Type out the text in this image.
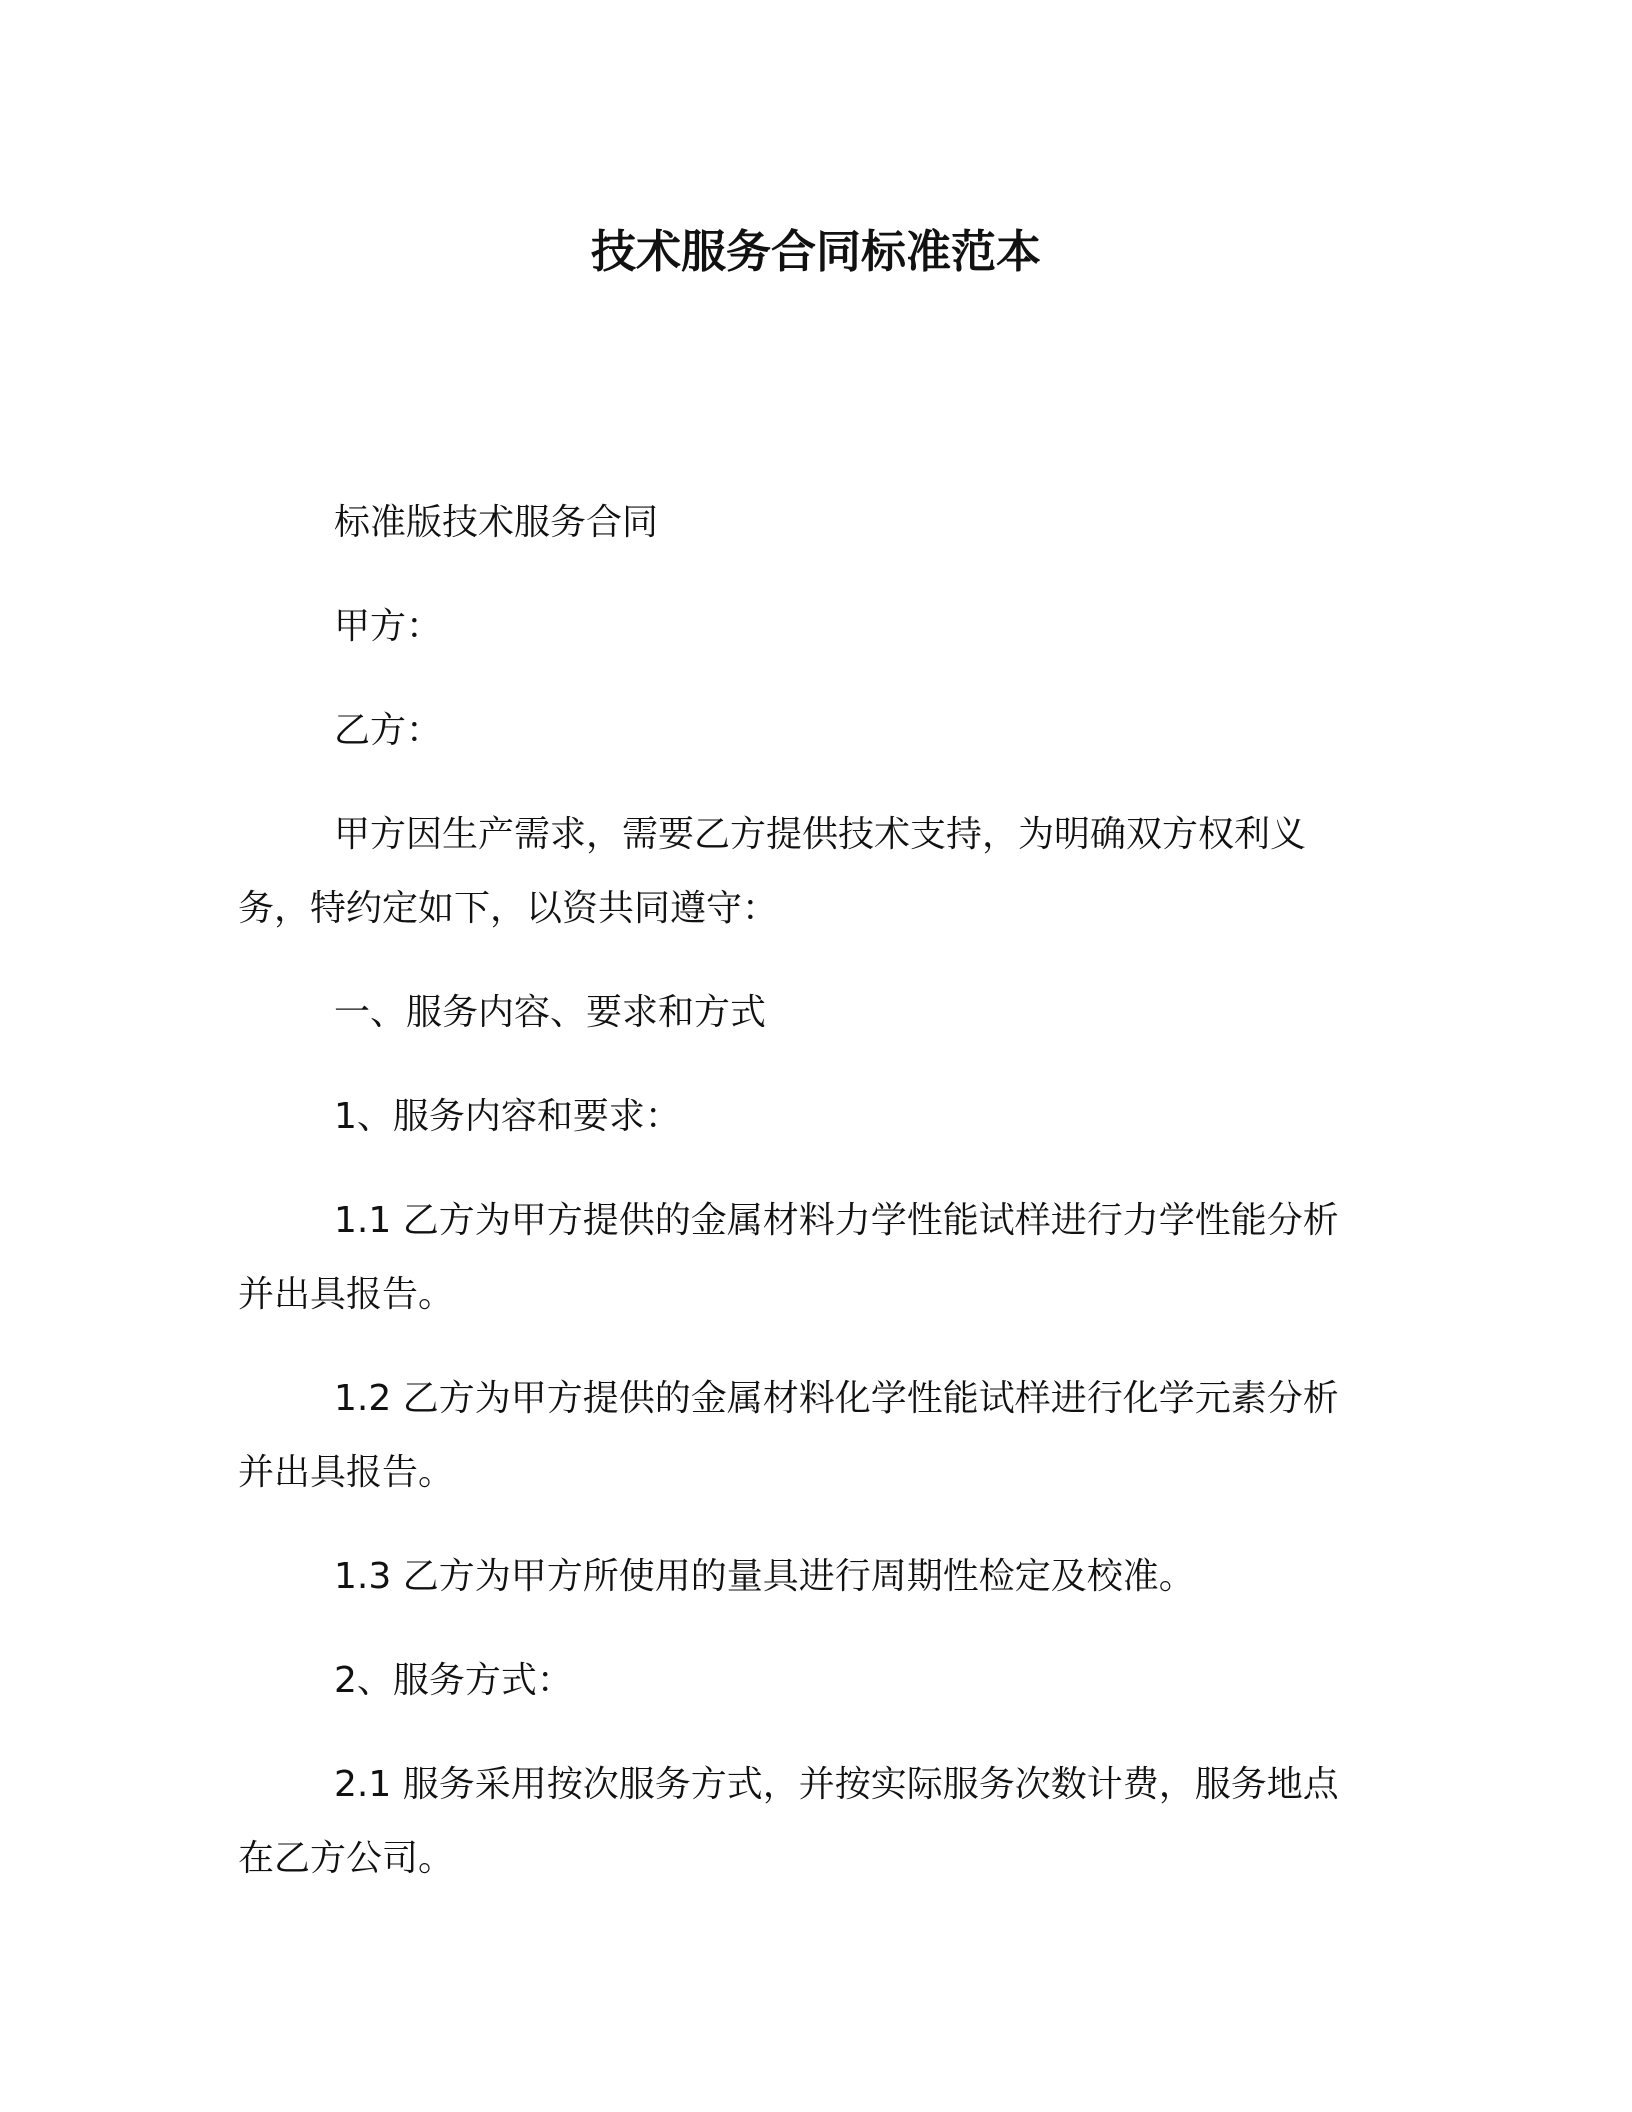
技术服务合同标准范本

标准版技术服务合同

甲方：

乙方：

甲方因生产需求，需要乙方提供技术支持，为明确双方权利义务，特约定如下，以资共同遵守：

一、服务内容、要求和方式

1、服务内容和要求：

1.1 乙方为甲方提供的金属材料力学性能试样进行力学性能分析并出具报告。

1.2 乙方为甲方提供的金属材料化学性能试样进行化学元素分析并出具报告。

1.3 乙方为甲方所使用的量具进行周期性检定及校准。

2、服务方式：

2.1 服务采用按次服务方式，并按实际服务次数计费，服务地点在乙方公司。
